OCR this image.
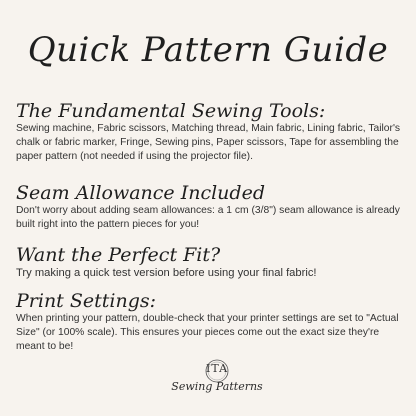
Quick Pattern Guide
The Fundamental Sewing Tools:

Sewing machine, Fabric scissors, Matching thread, Main fabric, Lining fabric, Tailor's chalk or fabric marker, Fringe, Sewing pins, Paper scissors, Tape for assembling the paper pattern (not needed if using the projector file).

Seam Allowance Included

Don't worry about adding seam allowances: a 1 cm (3/8") seam allowance is already built right into the pattern pieces for you!

Want the Perfect Fit?

Try making a quick test version before using your final fabric!

Print Settings:

When printing your pattern, double-check that your printer settings are set to "Actual Size" (or 100% scale). This ensures your pieces come out the exact size they're meant to be!

ITA
Sewing Patterns
